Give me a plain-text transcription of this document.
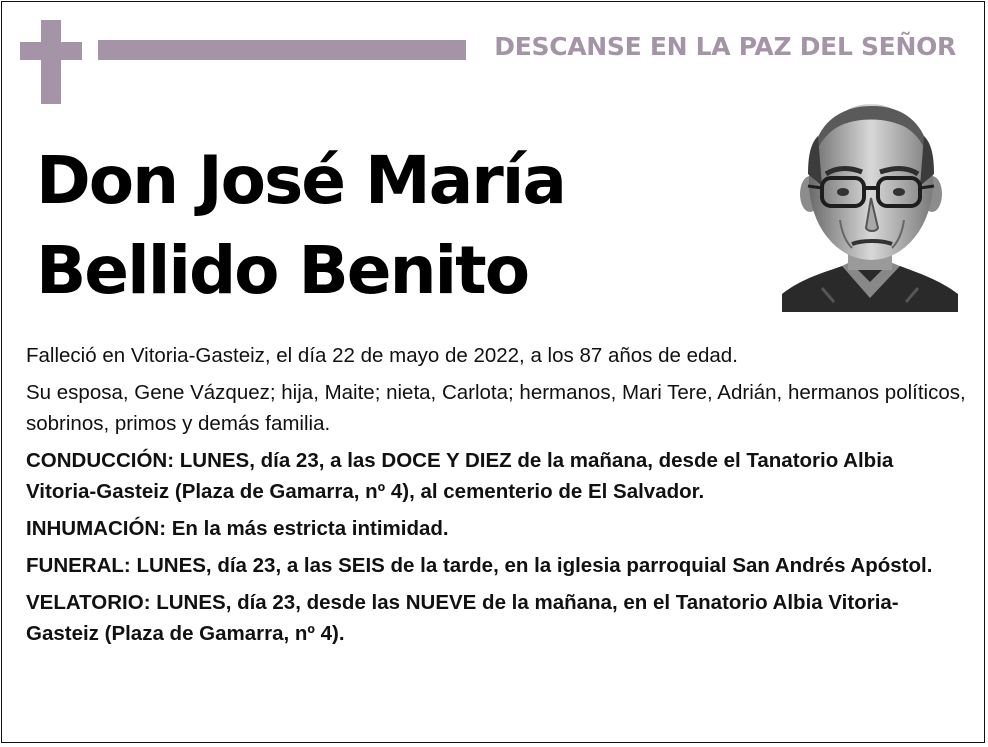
DESCANSE EN LA PAZ DEL SEÑOR
Don José María
Bellido Benito

Falleció en Vitoria-Gasteiz, el día 22 de mayo de 2022, a los 87 años de edad.

Su esposa, Gene Vázquez; hija, Maite; nieta, Carlota; hermanos, Mari Tere, Adrián, hermanos políticos, sobrinos, primos y demás familia.

CONDUCCIÓN: LUNES, día 23, a las DOCE Y DIEZ de la mañana, desde el Tanatorio Albia Vitoria-Gasteiz (Plaza de Gamarra, nº 4), al cementerio de El Salvador.

INHUMACIÓN: En la más estricta intimidad.

FUNERAL: LUNES, día 23, a las SEIS de la tarde, en la iglesia parroquial San Andrés Apóstol.

VELATORIO: LUNES, día 23, desde las NUEVE de la mañana, en el Tanatorio Albia Vitoria-Gasteiz (Plaza de Gamarra, nº 4).
